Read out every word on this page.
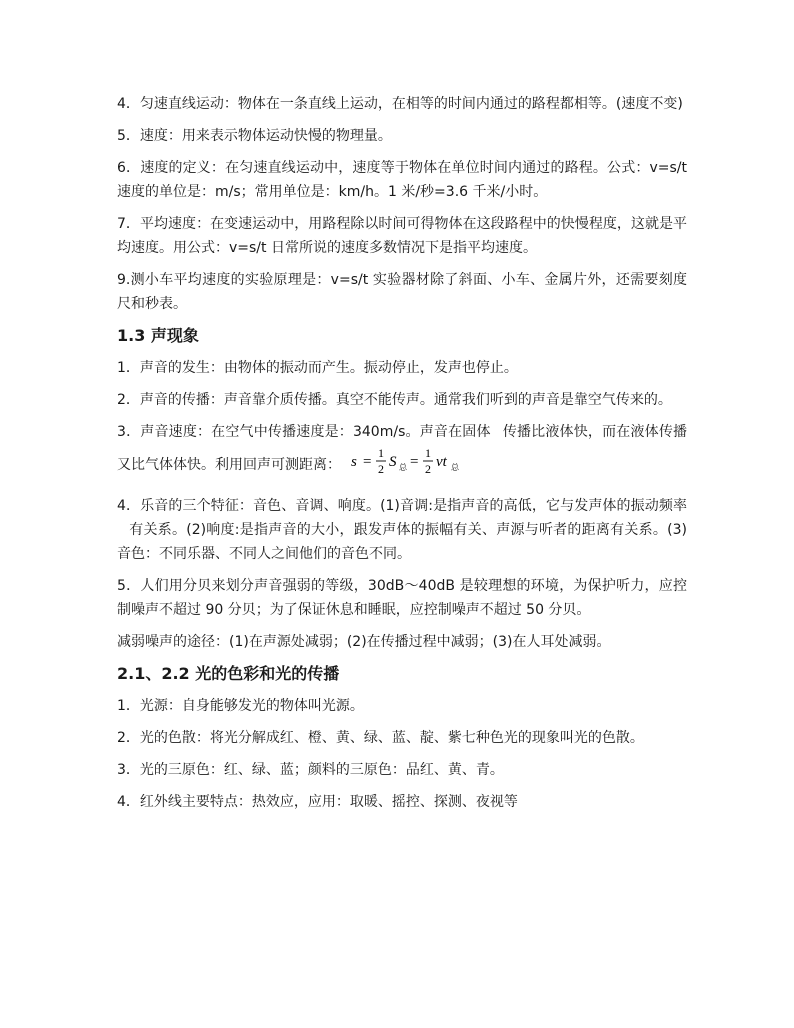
4．匀速直线运动：物体在一条直线上运动，在相等的时间内通过的路程都相等。(速度不变)

5．速度：用来表示物体运动快慢的物理量。

6．速度的定义：在匀速直线运动中，速度等于物体在单位时间内通过的路程。公式：v=s/t 速度的单位是：m/s；常用单位是：km/h。1 米/秒=3.6 千米/小时。

7．平均速度：在变速运动中，用路程除以时间可得物体在这段路程中的快慢程度，这就是平均速度。用公式：v=s/t 日常所说的速度多数情况下是指平均速度。

9.测小车平均速度的实验原理是：v=s/t 实验器材除了斜面、小车、金属片外，还需要刻度尺和秒表。

1.3 声现象

1．声音的发生：由物体的振动而产生。振动停止，发声也停止。

2．声音的传播：声音靠介质传播。真空不能传声。通常我们听到的声音是靠空气传来的。

3．声音速度：在空气中传播速度是：340m/s。声音在固体 传播比液体快，而在液体传播又比气体体快。利用回声可测距离： s =
1
2 S 总 =
1
2 vt 总

4．乐音的三个特征：音色、音调、响度。(1)音调:是指声音的高低，它与发声体的振动频率有关系。(2)响度:是指声音的大小，跟发声体的振幅有关、声源与听者的距离有关系。(3)音色：不同乐器、不同人之间他们的音色不同。

5．人们用分贝来划分声音强弱的等级，30dB～40dB 是较理想的环境，为保护听力，应控制噪声不超过 90 分贝；为了保证休息和睡眠，应控制噪声不超过 50 分贝。

减弱噪声的途径：(1)在声源处减弱；(2)在传播过程中减弱；(3)在人耳处减弱。

2.1、2.2 光的色彩和光的传播

1．光源：自身能够发光的物体叫光源。

2．光的色散：将光分解成红、橙、黄、绿、蓝、靛、紫七种色光的现象叫光的色散。

3．光的三原色：红、绿、蓝；颜料的三原色：品红、黄、青。

4．红外线主要特点：热效应，应用：取暖、摇控、探测、夜视等
